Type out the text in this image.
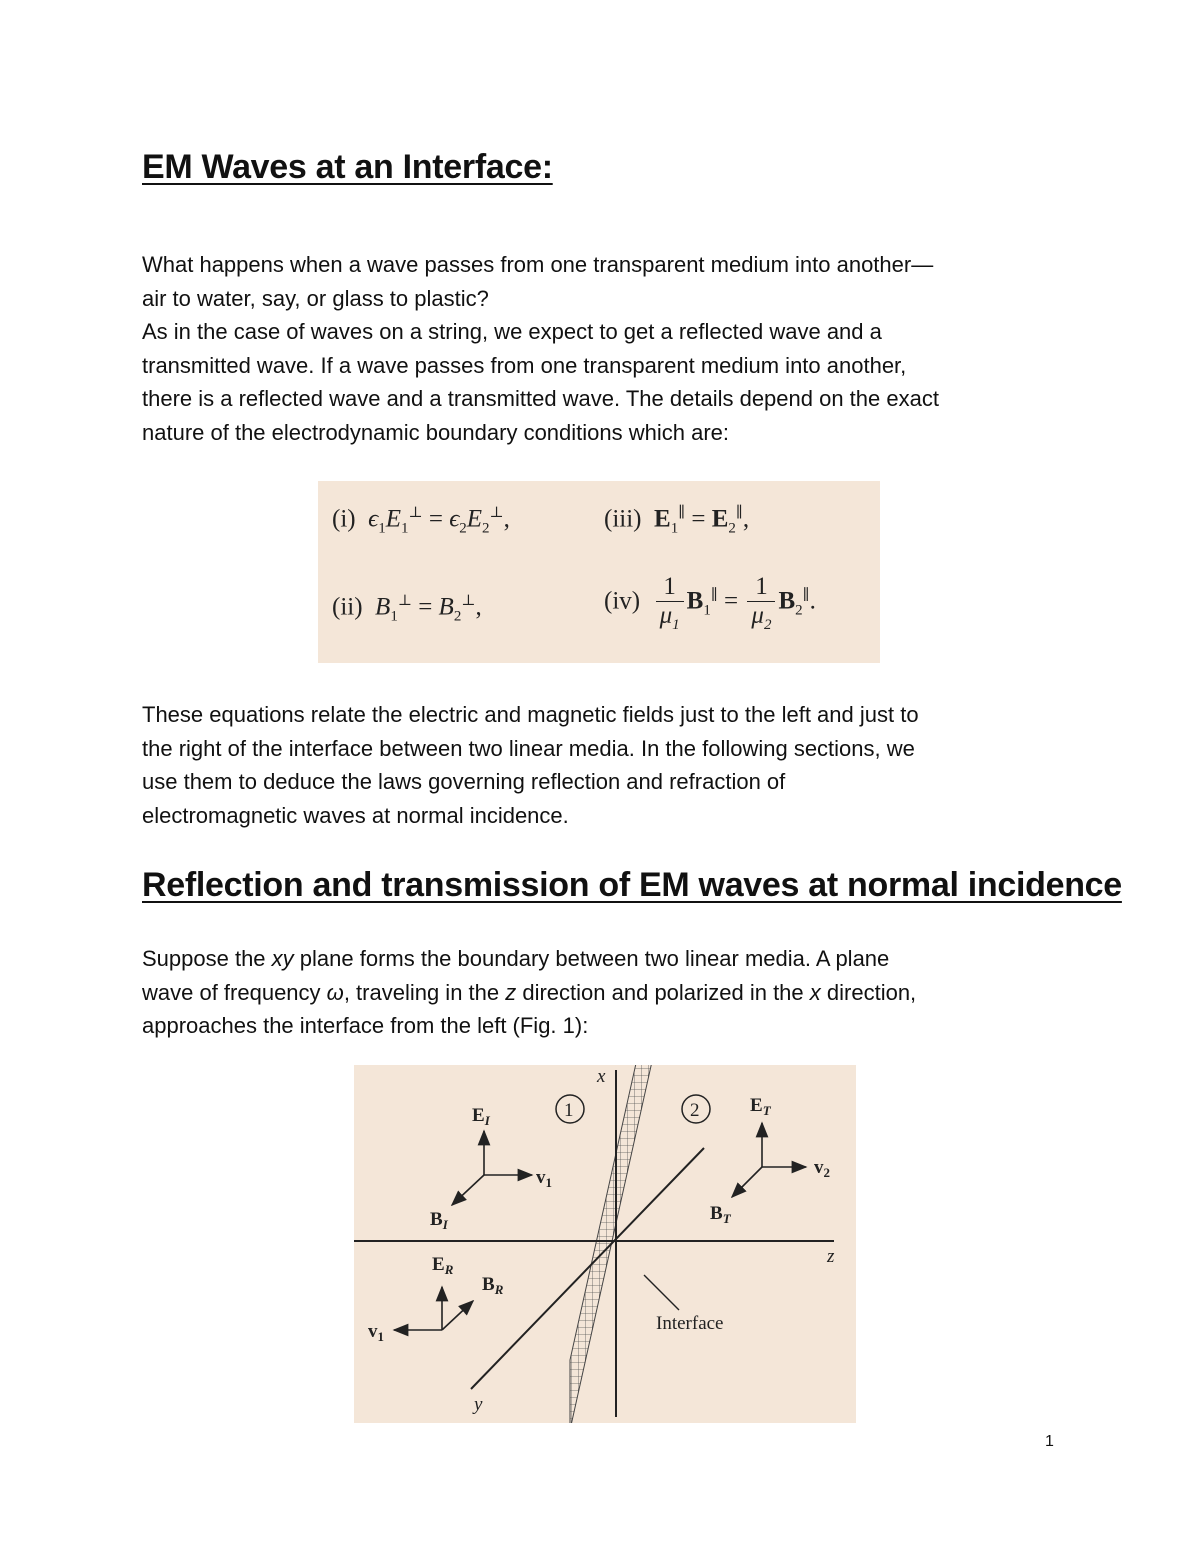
EM Waves at an Interface:

What happens when a wave passes from one transparent medium into another—
air to water, say, or glass to plastic?
As in the case of waves on a string, we expect to get a reflected wave and a
transmitted wave. If a wave passes from one transparent medium into another,
there is a reflected wave and a transmitted wave. The details depend on the exact
nature of the electrodynamic boundary conditions which are:

(i) $\epsilon_1E_1^\perp = \epsilon_2E_2^\perp$,	(iii) $E_1^\parallel = E_2^\parallel$,
(ii) $B_1^\perp = B_2^\perp$,	$(iv) \frac{1}{\mu_1} B_1^\parallel = \frac{1}{\mu_2} B_2^\parallel$.

These equations relate the electric and magnetic fields just to the left and just to
the right of the interface between two linear media. In the following sections, we
use them to deduce the laws governing reflection and refraction of
electromagnetic waves at normal incidence.

Reflection and transmission of EM waves at normal incidence

Suppose the xy plane forms the boundary between two linear media. A plane
wave of frequency ω, traveling in the z direction and polarized in the x direction,
approaches the interface from the left (Fig. 1):

x
y
z
1	2
$E_I$
$v_1$
$B_I$
$E_R$
$B_R$
$v_1$
$E_T$
$v_2$
$B_T$
Interface
1
